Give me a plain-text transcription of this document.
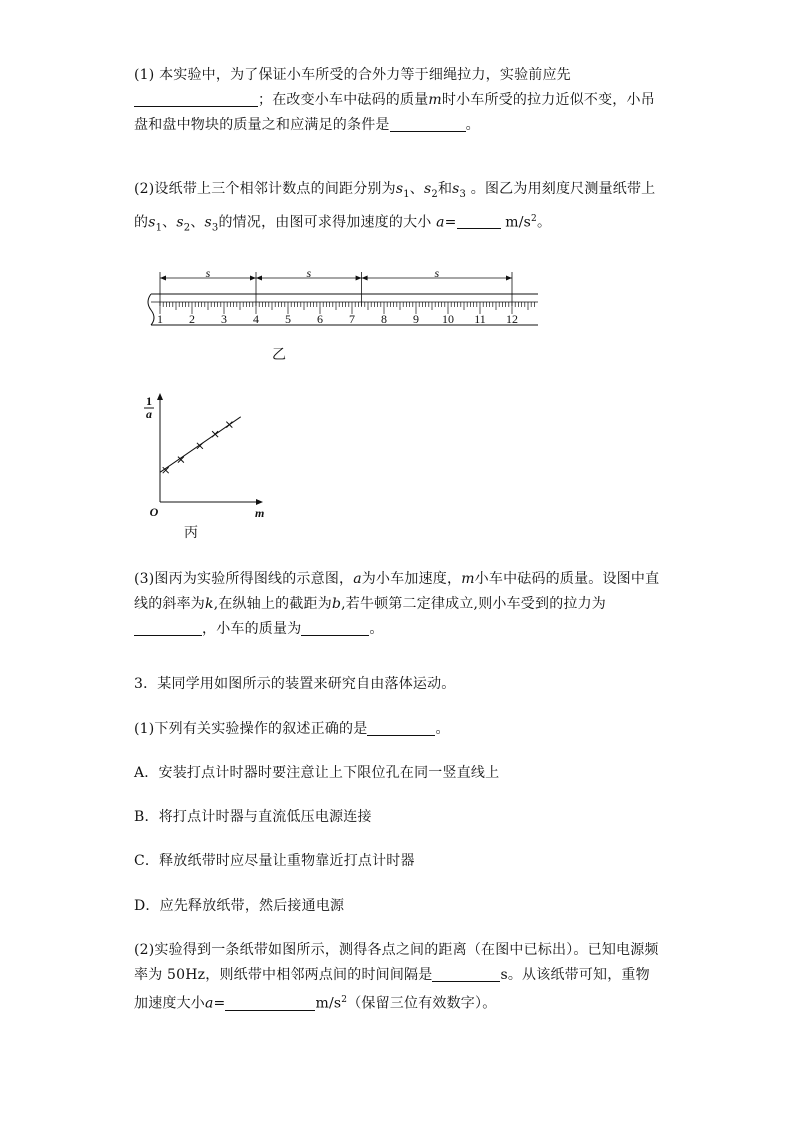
(1) 本实验中，为了保证小车所受的合外力等于细绳拉力，实验前应先
；在改变小车中砝码的质量m时小车所受的拉力近似不变，小吊盘和盘中物块的质量之和应满足的条件是	。
(2)设纸带上三个相邻计数点的间距分别为$s_1$、$s_2$和$s_3$ 。图乙为用刻度尺测量纸带上的$s_1$、$s_2$、$s_3$的情况，由图可求得加速度的大小 a=	$m/s^2$。
1 2 3 4 5 6 7 8 9 10 11 12
s	s	s
乙
1
a
m
O
丙
(3)图丙为实验所得图线的示意图，a为小车加速度，m小车中砝码的质量。设图中直线的斜率为k,在纵轴上的截距为b,若牛顿第二定律成立,则小车受到的拉力为，小车的质量为	。
3．某同学用如图所示的装置来研究自由落体运动。
(1)下列有关实验操作的叙述正确的是	。
A．安装打点计时器时要注意让上下限位孔在同一竖直线上
B．将打点计时器与直流低压电源连接
C．释放纸带时应尽量让重物靠近打点计时器
D．应先释放纸带，然后接通电源
(2)实验得到一条纸带如图所示，测得各点之间的距离（在图中已标出）。已知电源频率为 50Hz，则纸带中相邻两点间的时间间隔是	s。从该纸带可知，重物加速度大小a=	$m/s^2$（保留三位有效数字）。
